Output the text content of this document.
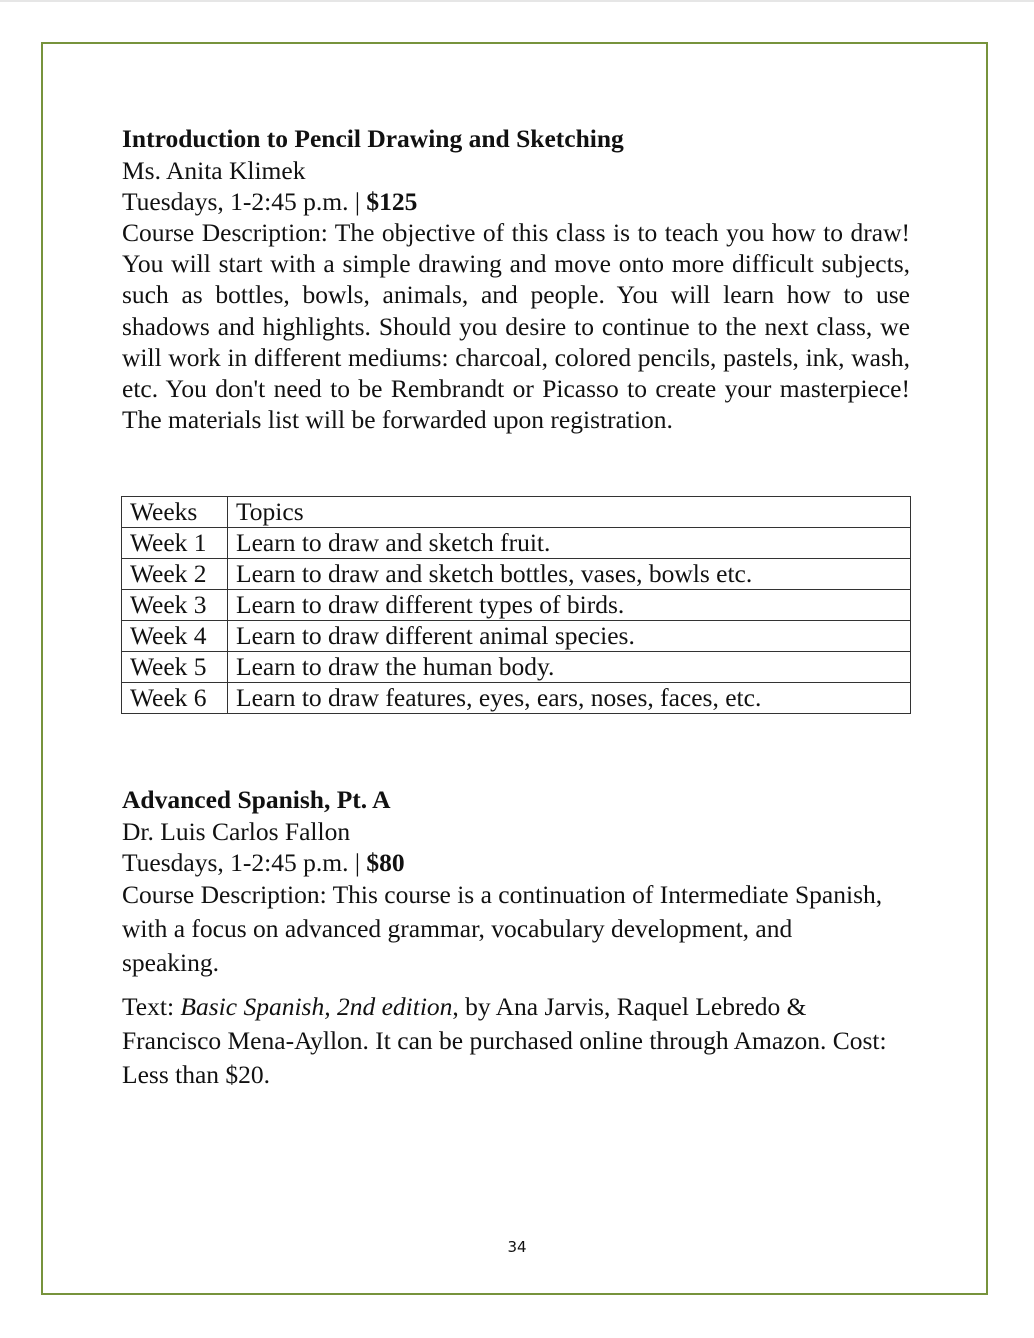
Introduction to Pencil Drawing and Sketching
Ms. Anita Klimek
Tuesdays, 1-2:45 p.m. | $125

Course Description: The objective of this class is to teach you how to draw! You will start with a simple drawing and move onto more difficult subjects, such as bottles, bowls, animals, and people. You will learn how to use shadows and highlights. Should you desire to continue to the next class, we will work in different mediums: charcoal, colored pencils, pastels, ink, wash, etc. You don't need to be Rembrandt or Picasso to create your masterpiece! The materials list will be forwarded upon registration.

Weeks	Topics
Week 1	Learn to draw and sketch fruit.
Week 2	Learn to draw and sketch bottles, vases, bowls etc.
Week 3	Learn to draw different types of birds.
Week 4	Learn to draw different animal species.
Week 5	Learn to draw the human body.
Week 6	Learn to draw features, eyes, ears, noses, faces, etc.
Advanced Spanish, Pt. A
Dr. Luis Carlos Fallon
Tuesdays, 1-2:45 p.m. | $80

Course Description: This course is a continuation of Intermediate Spanish, with a focus on advanced grammar, vocabulary development, and speaking.

Text: Basic Spanish, 2nd edition, by Ana Jarvis, Raquel Lebredo & Francisco Mena-Ayllon. It can be purchased online through Amazon. Cost: Less than $20.

34
